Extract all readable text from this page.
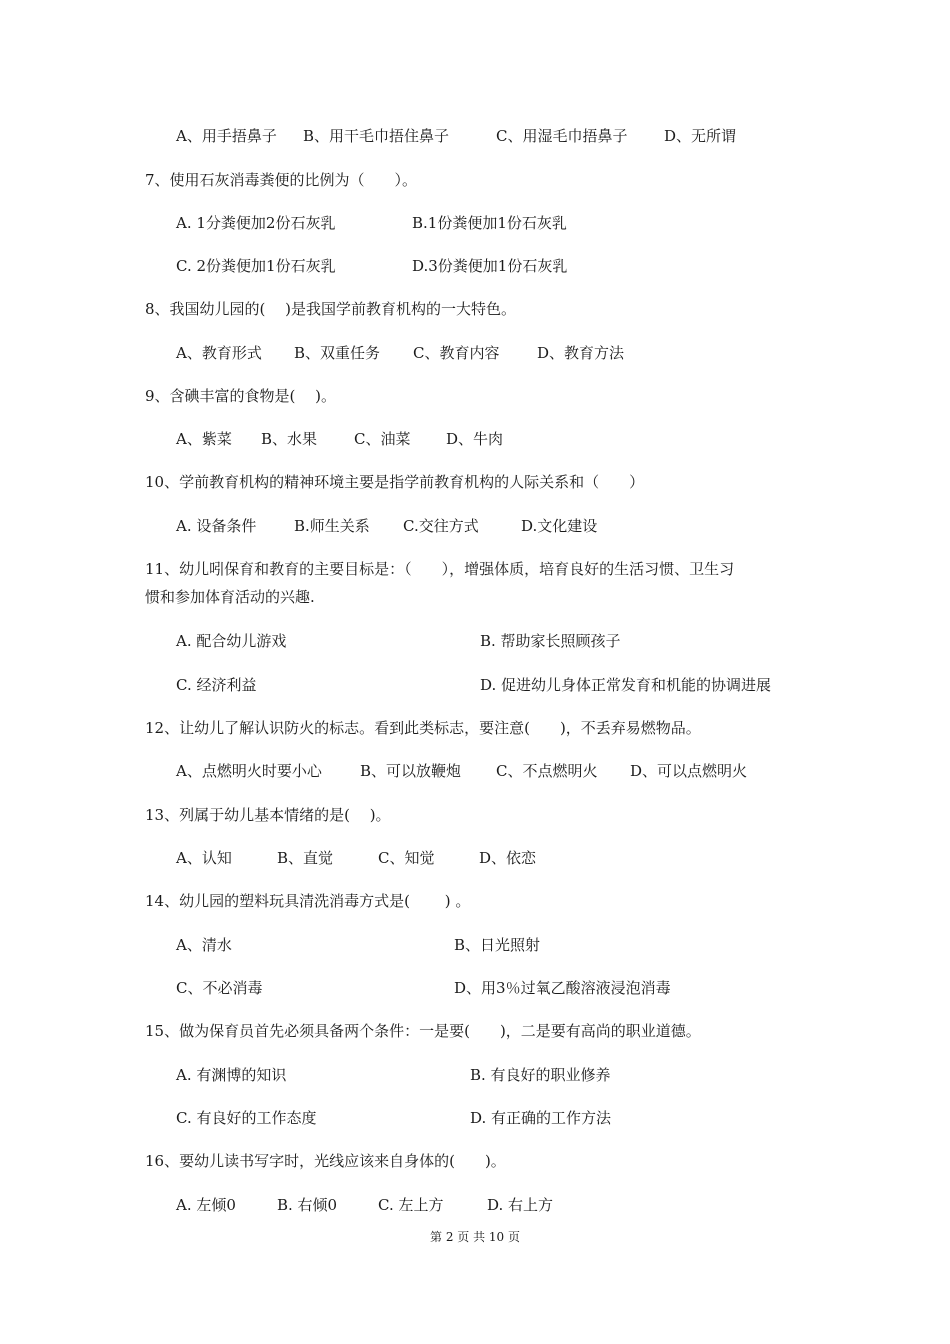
A、用手捂鼻子 B、用干毛巾捂住鼻子	C、用湿毛巾捂鼻子 D、无所谓
7、使用石灰消毒粪便的比例为（　　）。
A. 1分粪便加2份石灰乳	B.1份粪便加1份石灰乳
C. 2份粪便加1份石灰乳	D.3份粪便加1份石灰乳
8、我国幼儿园的(　 )是我国学前教育机构的一大特色。
A、教育形式 B、双重任务 C、教育内容	D、教育方法
9、含碘丰富的食物是(　 )。
A、紫菜 B、水果 C、油菜 D、牛肉
10、学前教育机构的精神环境主要是指学前教育机构的人际关系和（　　）
A. 设备条件	B.师生关系 C.交往方式	D.文化建设
11、幼儿吲保育和教育的主要目标是：（　　），增强体质，培育良好的生活习惯、卫生习
惯和参加体育活动的兴趣.
A. 配合幼儿游戏	B. 帮助家长照顾孩子
C. 经济利益	D. 促进幼儿身体正常发育和机能的协调进展
12、让幼儿了解认识防火的标志。看到此类标志，要注意(　　)，不丢弃易燃物品。
A、点燃明火时要小心	B、可以放鞭炮 C、不点燃明火 D、可以点燃明火
13、列属于幼儿基本情绪的是(　 )。
A、认知	B、直觉	C、知觉	D、依恋
14、幼儿园的塑料玩具清洗消毒方式是(　　 ) 。
A、清水	B、日光照射
C、不必消毒	D、用3％过氧乙酸溶液浸泡消毒
15、做为保育员首先必须具备两个条件：一是要(　　)，二是要有高尚的职业道德。
A. 有渊博的知识	B. 有良好的职业修养
C. 有良好的工作态度	D. 有正确的工作方法
16、要幼儿读书写字时，光线应该来自身体的(　　)。
A. 左倾0	B. 右倾0	C. 左上方	D. 右上方
第 2 页 共 10 页
